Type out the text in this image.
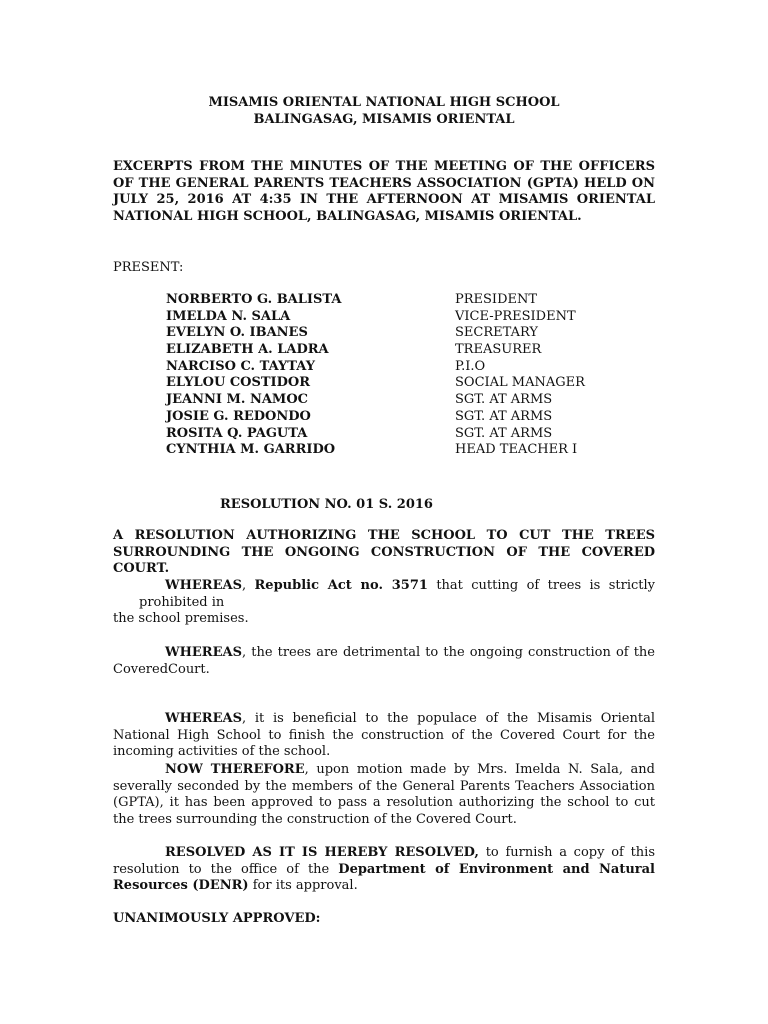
MISAMIS ORIENTAL NATIONAL HIGH SCHOOL
BALINGASAG, MISAMIS ORIENTAL
EXCERPTS FROM THE MINUTES OF THE MEETING OF THE OFFICERS OF THE GENERAL PARENTS TEACHERS ASSOCIATION (GPTA) HELD ON JULY 25, 2016 AT 4:35 IN THE AFTERNOON AT MISAMIS ORIENTAL NATIONAL HIGH SCHOOL, BALINGASAG, MISAMIS ORIENTAL.
PRESENT:
NORBERTO G. BALISTA	PRESIDENT
IMELDA N. SALA	VICE-PRESIDENT
EVELYN O. IBANES	SECRETARY
ELIZABETH A. LADRA	TREASURER
NARCISO C. TAYTAY	P.I.O
ELYLOU COSTIDOR	SOCIAL MANAGER
JEANNI M. NAMOC	SGT. AT ARMS
JOSIE G. REDONDO	SGT. AT ARMS
ROSITA Q. PAGUTA	SGT. AT ARMS
CYNTHIA M. GARRIDO	HEAD TEACHER I
RESOLUTION NO. 01 S. 2016
A RESOLUTION AUTHORIZING THE SCHOOL TO CUT THE TREES
SURROUNDING THE ONGOING CONSTRUCTION OF THE COVERED COURT.
WHEREAS, Republic Act no. 3571 that cutting of trees is strictly
prohibited in
the school premises.
WHEREAS, the trees are detrimental to the ongoing construction of the CoveredCourt.
WHEREAS, it is beneficial to the populace of the Misamis Oriental National High School to finish the construction of the Covered Court for the incoming activities of the school.
NOW THEREFORE, upon motion made by Mrs. Imelda N. Sala, and severally seconded by the members of the General Parents Teachers Association (GPTA), it has been approved to pass a resolution authorizing the school to cut the trees surrounding the construction of the Covered Court.
RESOLVED AS IT IS HEREBY RESOLVED, to furnish a copy of this resolution to the office of the Department of Environment and Natural Resources (DENR) for its approval.
UNANIMOUSLY APPROVED:
